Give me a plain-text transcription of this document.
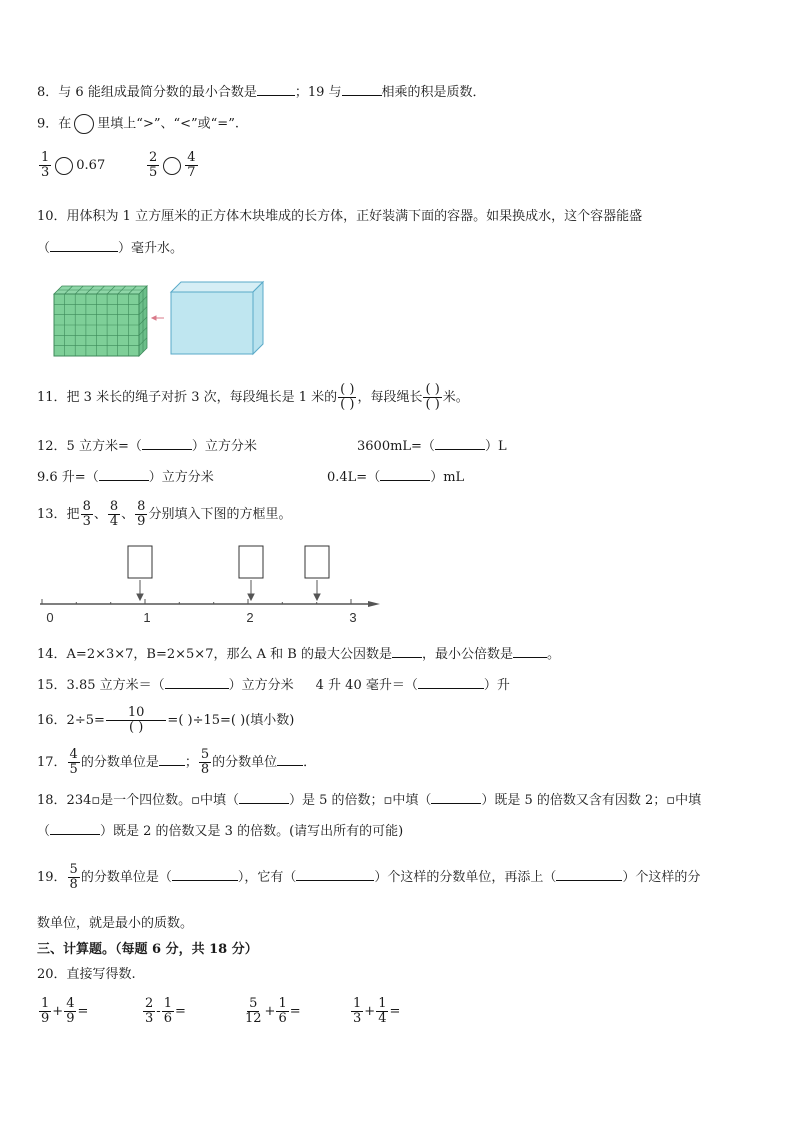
8．与 6 能组成最简分数的最小合数是	；19 与	相乘的积是质数．
9．在 里填上“>”、“<”或“=”.
$\frac{1}{3} 0.67$	$\frac{2}{5} \frac{4}{7}$
10．用体积为 1 立方厘米的正方体木块堆成的长方体，正好装满下面的容器。如果换成水，这个容器能盛
（	）毫升水。
11．把 3 米长的绳子对折 3 次，每段绳长是 1 米的 $\frac{( )}{( )}$ ，每段绳长 $\frac{( )}{( )}$ 米。
12．5 立方米=（	）立方分米	3600mL=（	）L
9.6 升=（	）立方分米	0.4L=（	）mL
13．把 $\frac{8}{3}$ 、 $\frac{8}{4}$ 、 $\frac{8}{9}$ 分别填入下图的方框里。
0	1	2	3
14．A=2×3×7，B=2×5×7，那么 A 和 B 的最大公因数是 ，最小公倍数是	。
15．3.85 立方米＝（	）立方分米 4 升 40 毫升＝（	）升
16．$2\div 5= \frac{10}{( )}$ =( )÷15=( )(填小数)
17． $\frac{4}{5}$ 的分数单位是 ； $\frac{5}{8}$ 的分数单位 ．
18．234▫是一个四位数。▫中填（	）是 5 的倍数；▫中填（	）既是 5 的倍数又含有因数 2；▫中填
（	）既是 2 的倍数又是 3 的倍数。(请写出所有的可能)
19． $\frac{5}{8}$ 的分数单位是（	），它有（	）个这样的分数单位，再添上（	）个这样的分
数单位，就是最小的质数。
三、计算题。（每题 6 分，共 18 分）
20．直接写得数.
$\frac{1}{9} + \frac{4}{9}$ =	$\frac{2}{3} - \frac{1}{6}$ =	$\frac{5}{12} + \frac{1}{6}$ =	$\frac{1}{3} + \frac{1}{4}$ =
